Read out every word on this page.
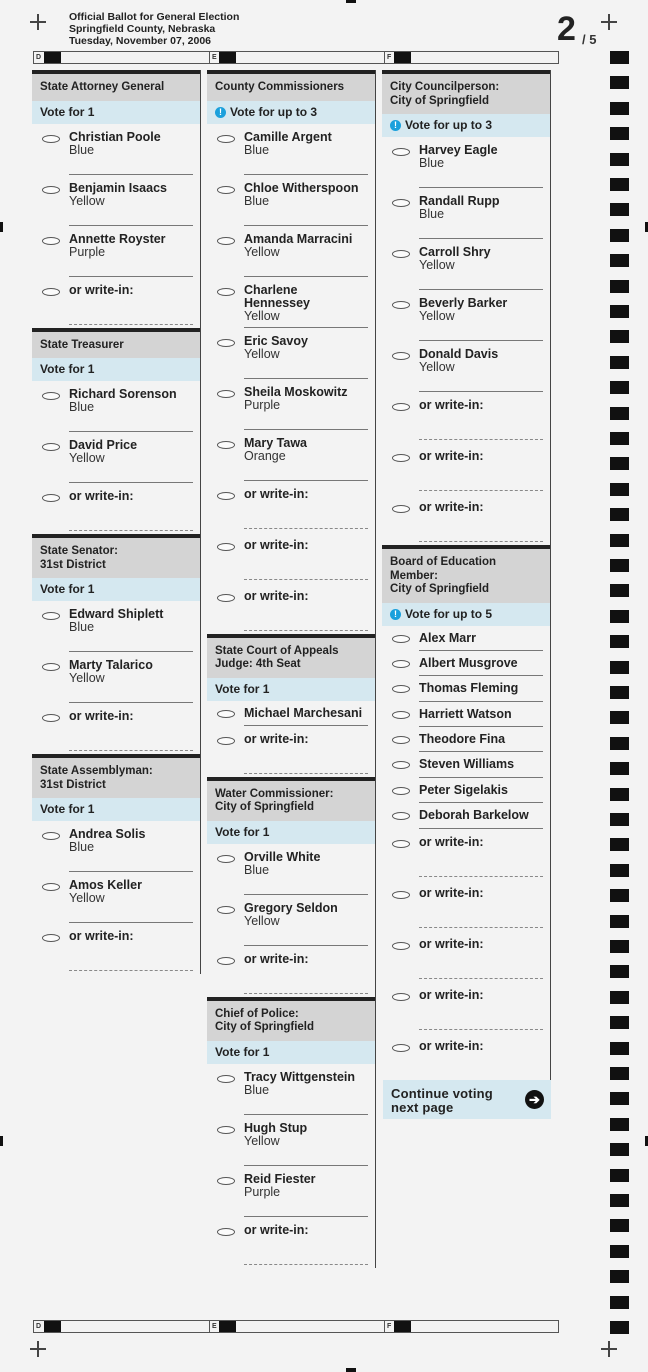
Official Ballot for General Election
Springfield County, Nebraska
Tuesday, November 07, 2006	2 / 5
D	E	F
D	E	F
State Attorney General
Vote for 1
Christian Poole
Blue
Benjamin Isaacs
Yellow
Annette Royster
Purple
or write-in:
State Treasurer
Vote for 1
Richard Sorenson
Blue
David Price
Yellow
or write-in:
State Senator:
31st District
Vote for 1
Edward Shiplett
Blue
Marty Talarico
Yellow
or write-in:
State Assemblyman:
31st District
Vote for 1
Andrea Solis
Blue
Amos Keller
Yellow
or write-in:
County Commissioners
! Vote for up to 3
Camille Argent
Blue
Chloe Witherspoon
Blue
Amanda Marracini
Yellow
Charlene
Hennessey
Yellow
Eric Savoy
Yellow
Sheila Moskowitz
Purple
Mary Tawa
Orange
or write-in:
or write-in:
or write-in:
State Court of Appeals
Judge: 4th Seat
Vote for 1
Michael Marchesani
or write-in:
Water Commissioner:
City of Springfield
Vote for 1
Orville White
Blue
Gregory Seldon
Yellow
or write-in:
Chief of Police:
City of Springfield
Vote for 1
Tracy Wittgenstein
Blue
Hugh Stup
Yellow
Reid Fiester
Purple
or write-in:
City Councilperson:
City of Springfield
! Vote for up to 3
Harvey Eagle
Blue
Randall Rupp
Blue
Carroll Shry
Yellow
Beverly Barker
Yellow
Donald Davis
Yellow
or write-in:
or write-in:
or write-in:
Board of Education
Member:
City of Springfield
! Vote for up to 5
Alex Marr
Albert Musgrove
Thomas Fleming
Harriett Watson
Theodore Fina
Steven Williams
Peter Sigelakis
Deborah Barkelow
or write-in:
or write-in:
or write-in:
or write-in:
or write-in:
Continue voting
next page
➔
